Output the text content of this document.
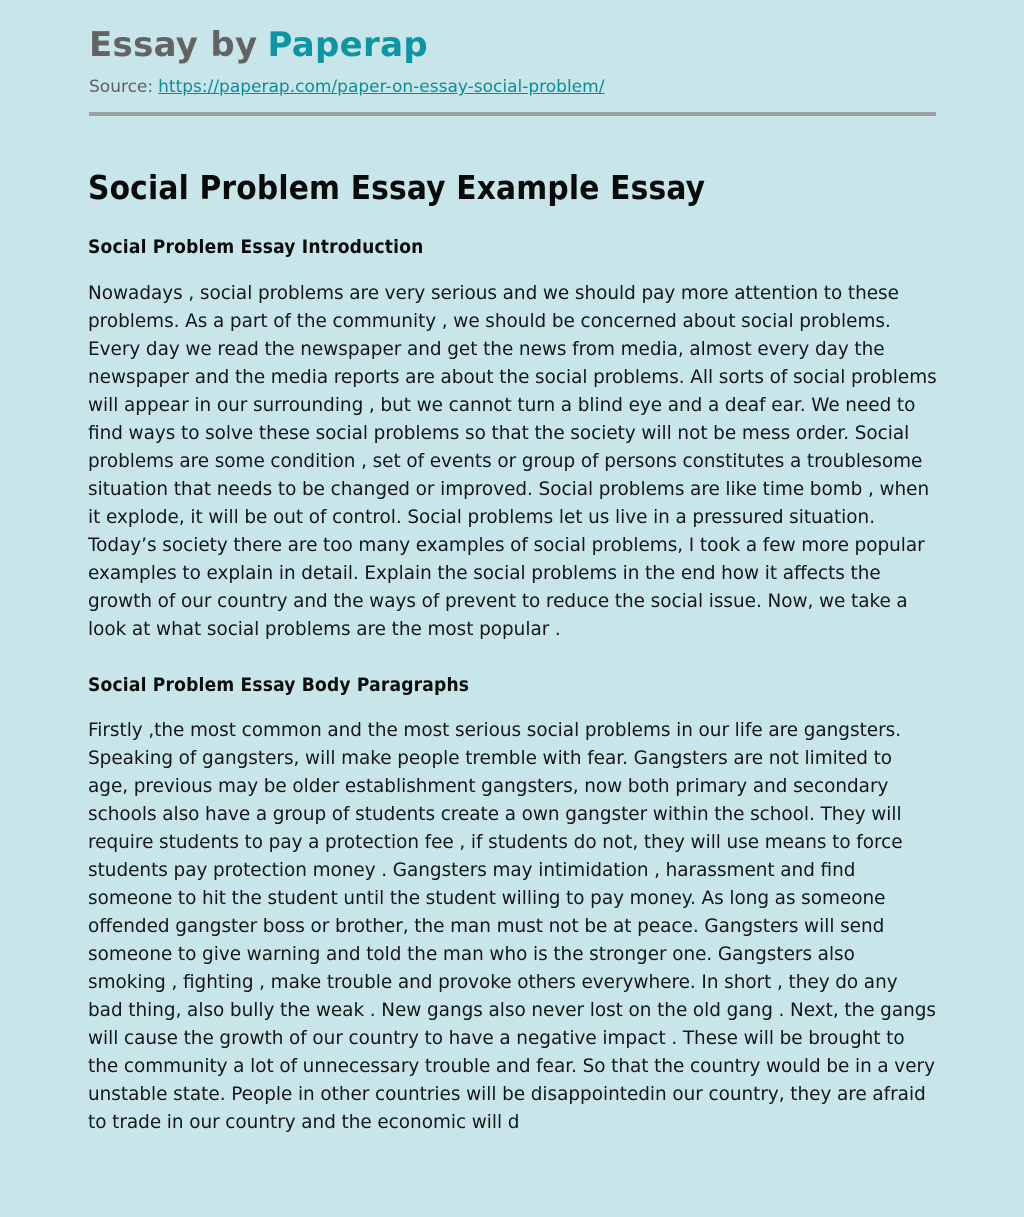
Essay by Paperap
Source: https://paperap.com/paper-on-essay-social-problem/
Social Problem Essay Example Essay
Social Problem Essay Introduction

Nowadays , social problems are very serious and we should pay more attention to these problems. As a part of the community , we should be concerned about social problems. Every day we read the newspaper and get the news from media, almost every day the newspaper and the media reports are about the social problems. All sorts of social problems will appear in our surrounding , but we cannot turn a blind eye and a deaf ear. We need to find ways to solve these social problems so that the society will not be mess order. Social problems are some condition , set of events or group of persons constitutes a troublesome situation that needs to be changed or improved. Social problems are like time bomb , when it explode, it will be out of control. Social problems let us live in a pressured situation. Today’s society there are too many examples of social problems, I took a few more popular examples to explain in detail. Explain the social problems in the end how it affects the growth of our country and the ways of prevent to reduce the social issue. Now, we take a look at what social problems are the most popular .

Social Problem Essay Body Paragraphs

Firstly ,the most common and the most serious social problems in our life are gangsters. Speaking of gangsters, will make people tremble with fear. Gangsters are not limited to age, previous may be older establishment gangsters, now both primary and secondary schools also have a group of students create a own gangster within the school. They will require students to pay a protection fee , if students do not, they will use means to force students pay protection money . Gangsters may intimidation , harassment and find someone to hit the student until the student willing to pay money. As long as someone offended gangster boss or brother, the man must not be at peace. Gangsters will send someone to give warning and told the man who is the stronger one. Gangsters also smoking , fighting , make trouble and provoke others everywhere. In short , they do any bad thing, also bully the weak . New gangs also never lost on the old gang . Next, the gangs will cause the growth of our country to have a negative impact . These will be brought to the community a lot of unnecessary trouble and fear. So that the country would be in a very unstable state. People in other countries will be disappointedin our country, they are afraid to trade in our country and the economic will d
